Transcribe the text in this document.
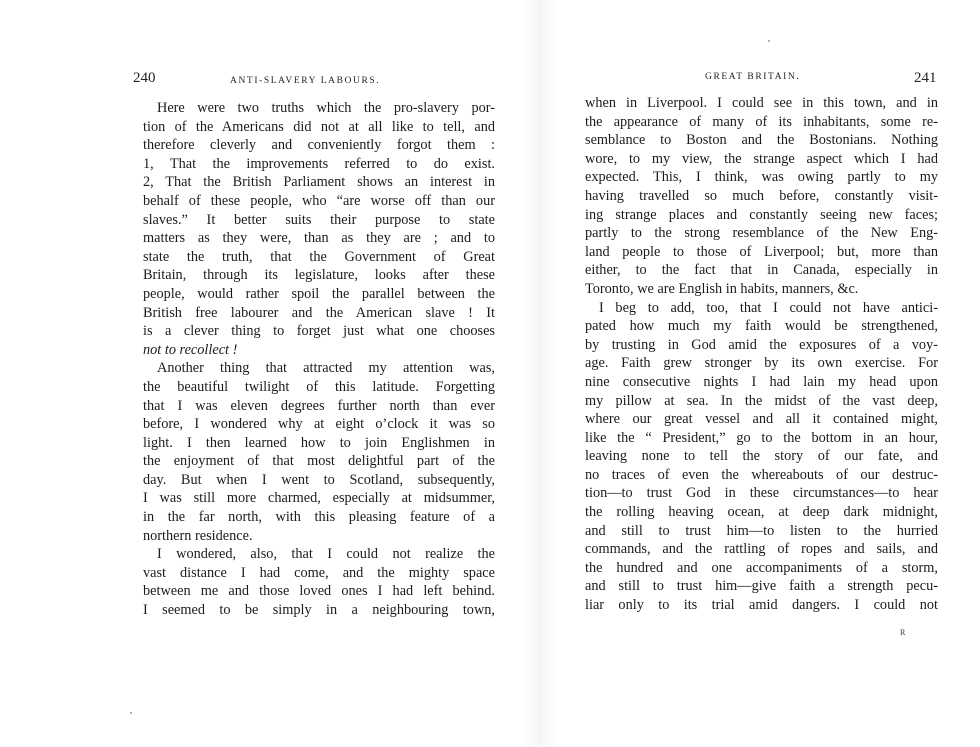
240	ANTI-SLAVERY LABOURS.
Here were two truths which the pro-slavery por-
tion of the Americans did not at all like to tell, and
therefore cleverly and conveniently forgot them :
1, That the improvements referred to do exist.
2, That the British Parliament shows an interest in
behalf of these people, who “are worse off than our
slaves.” It better suits their purpose to state
matters as they were, than as they are ; and to
state the truth, that the Government of Great
Britain, through its legislature, looks after these
people, would rather spoil the parallel between the
British free labourer and the American slave ! It
is a clever thing to forget just what one chooses
not to recollect !
Another thing that attracted my attention was,
the beautiful twilight of this latitude. Forgetting
that I was eleven degrees further north than ever
before, I wondered why at eight o’clock it was so
light. I then learned how to join Englishmen in
the enjoyment of that most delightful part of the
day. But when I went to Scotland, subsequently,
I was still more charmed, especially at midsummer,
in the far north, with this pleasing feature of a
northern residence.
I wondered, also, that I could not realize the
vast distance I had come, and the mighty space
between me and those loved ones I had left behind.
I seemed to be simply in a neighbouring town,
GREAT BRITAIN.	241
when in Liverpool. I could see in this town, and in
the appearance of many of its inhabitants, some re-
semblance to Boston and the Bostonians. Nothing
wore, to my view, the strange aspect which I had
expected. This, I think, was owing partly to my
having travelled so much before, constantly visit-
ing strange places and constantly seeing new faces;
partly to the strong resemblance of the New Eng-
land people to those of Liverpool; but, more than
either, to the fact that in Canada, especially in
Toronto, we are English in habits, manners, &c.
I beg to add, too, that I could not have antici-
pated how much my faith would be strengthened,
by trusting in God amid the exposures of a voy-
age. Faith grew stronger by its own exercise. For
nine consecutive nights I had lain my head upon
my pillow at sea. In the midst of the vast deep,
where our great vessel and all it contained might,
like the “ President,” go to the bottom in an hour,
leaving none to tell the story of our fate, and
no traces of even the whereabouts of our destruc-
tion—to trust God in these circumstances—to hear
the rolling heaving ocean, at deep dark midnight,
and still to trust him—to listen to the hurried
commands, and the rattling of ropes and sails, and
the hundred and one accompaniments of a storm,
and still to trust him—give faith a strength pecu-
liar only to its trial amid dangers. I could not
R
